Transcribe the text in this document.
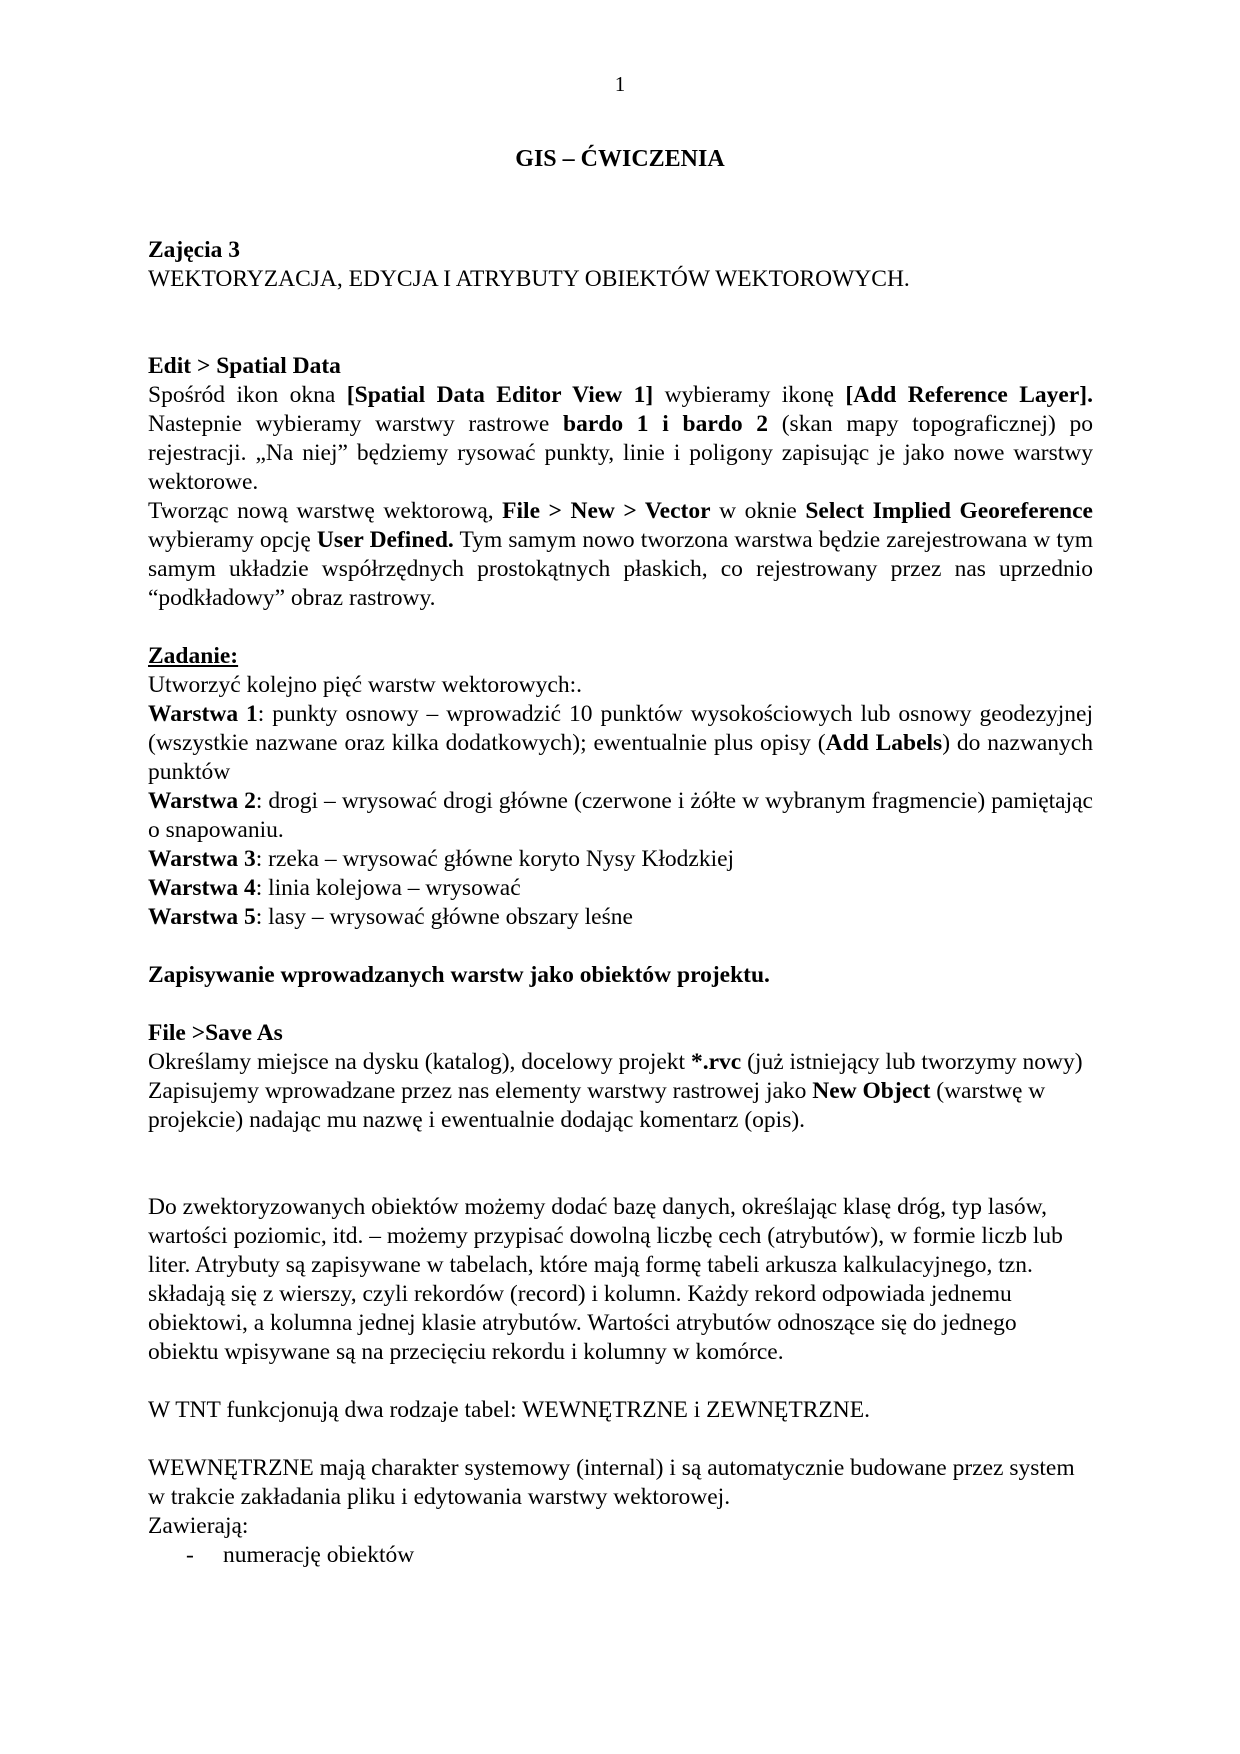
1
GIS – ĆWICZENIA

Zajęcia 3

WEKTORYZACJA, EDYCJA I ATRYBUTY OBIEKTÓW WEKTOROWYCH.

Edit > Spatial Data

Spośród ikon okna [Spatial Data Editor View 1] wybieramy ikonę [Add Reference Layer]. Nastepnie wybieramy warstwy rastrowe bardo 1 i bardo 2 (skan mapy topograficznej) po rejestracji. „Na niej” będziemy rysować punkty, linie i poligony zapisując je jako nowe warstwy wektorowe.

Tworząc nową warstwę wektorową, File > New > Vector w oknie Select Implied Georeference wybieramy opcję User Defined. Tym samym nowo tworzona warstwa będzie zarejestrowana w tym samym układzie współrzędnych prostokątnych płaskich, co rejestrowany przez nas uprzednio “podkładowy” obraz rastrowy.

Zadanie:

Utworzyć kolejno pięć warstw wektorowych:.

Warstwa 1: punkty osnowy – wprowadzić 10 punktów wysokościowych lub osnowy geodezyjnej (wszystkie nazwane oraz kilka dodatkowych); ewentualnie plus opisy (Add Labels) do nazwanych punktów

Warstwa 2: drogi – wrysować drogi główne (czerwone i żółte w wybranym fragmencie) pamiętając o snapowaniu.

Warstwa 3: rzeka – wrysować główne koryto Nysy Kłodzkiej

Warstwa 4: linia kolejowa – wrysować

Warstwa 5: lasy – wrysować główne obszary leśne

Zapisywanie wprowadzanych warstw jako obiektów projektu.

File >Save As

Określamy miejsce na dysku (katalog), docelowy projekt *.rvc (już istniejący lub tworzymy nowy)

Zapisujemy wprowadzane przez nas elementy warstwy rastrowej jako New Object (warstwę w projekcie) nadając mu nazwę i ewentualnie dodając komentarz (opis).

Do zwektoryzowanych obiektów możemy dodać bazę danych, określając klasę dróg, typ lasów, wartości poziomic, itd. – możemy przypisać dowolną liczbę cech (atrybutów), w formie liczb lub liter. Atrybuty są zapisywane w tabelach, które mają formę tabeli arkusza kalkulacyjnego, tzn. składają się z wierszy, czyli rekordów (record) i kolumn. Każdy rekord odpowiada jednemu obiektowi, a kolumna jednej klasie atrybutów. Wartości atrybutów odnoszące się do jednego obiektu wpisywane są na przecięciu rekordu i kolumny w komórce.

W TNT funkcjonują dwa rodzaje tabel: WEWNĘTRZNE i ZEWNĘTRZNE.

WEWNĘTRZNE mają charakter systemowy (internal) i są automatycznie budowane przez system w trakcie zakładania pliku i edytowania warstwy wektorowej.

Zawierają:

- numerację obiektów
